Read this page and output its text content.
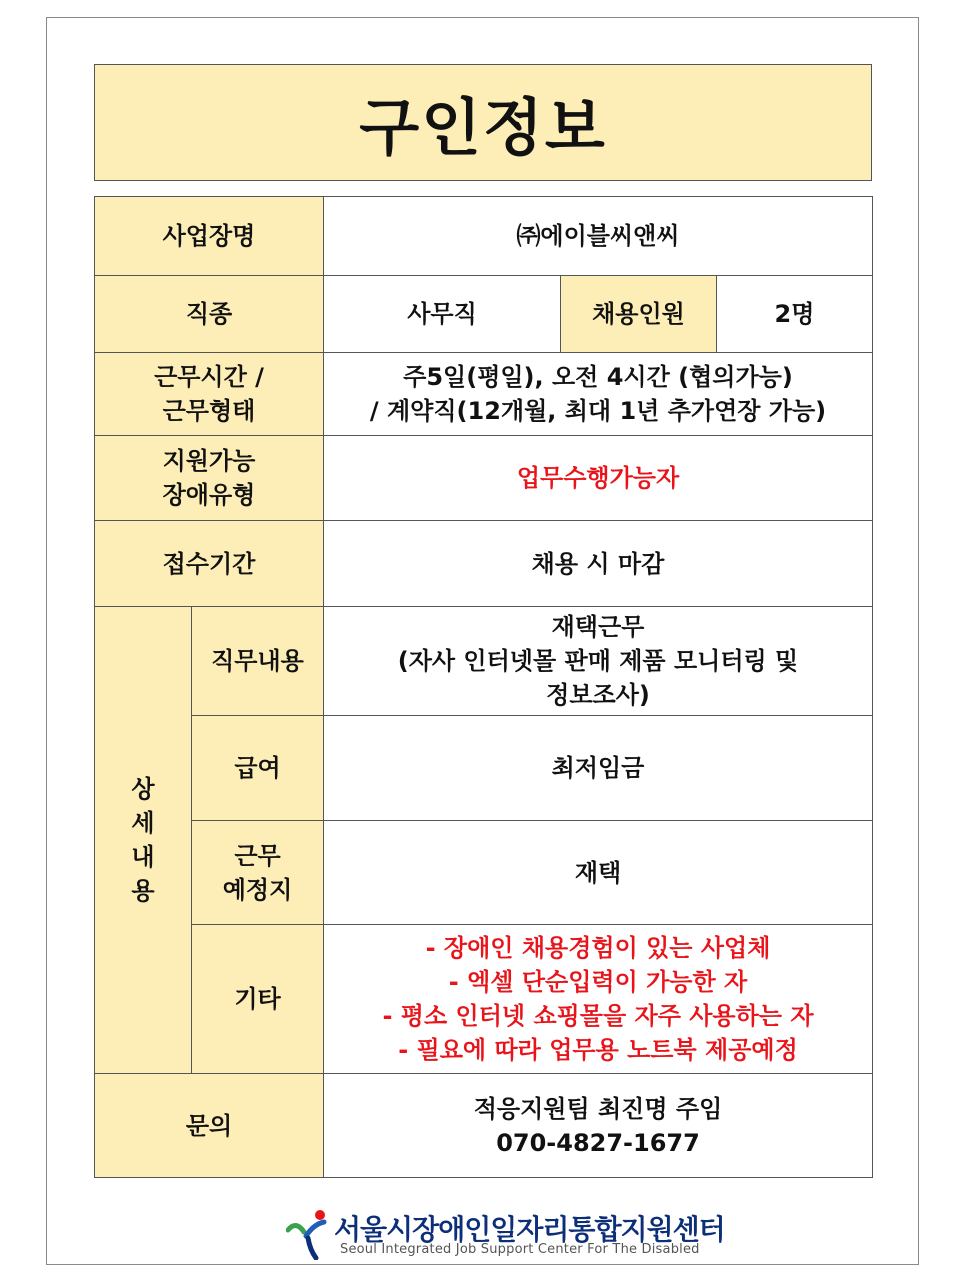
구인정보
사업장명		㈜에이블씨앤씨		
직종		사무직	채용인원	2명

근무시간 /
근무형태		주5일(평일), 오전 4시간 (협의가능)
/ 계약직(12개월, 최대 1년 추가연장 가능)		

지원가능
장애유형		업무수행가능자		
접수기간		채용 시 마감		

상
세
내
용	직무내용	재택근무
(자사 인터넷몰 판매 제품 모니터링 및
정보조사)		

	급여	최저임금		

	근무
예정지	재택		
	기타	- 장애인 채용경험이 있는 사업체
- 엑셀 단순입력이 가능한 자
- 평소 인터넷 쇼핑몰을 자주 사용하는 자
- 필요에 따라 업무용 노트북 제공예정		

문의		적응지원팀 최진명 주임
070-4827-1677		
서울시장애인일자리통합지원센터
Seoul Integrated Job Support Center For The Disabled
